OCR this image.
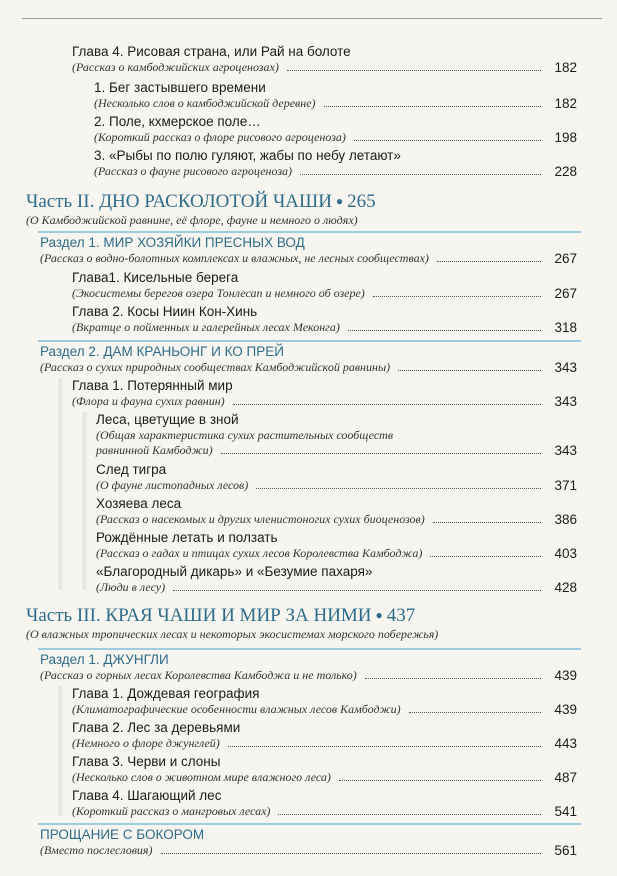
Глава 4. Рисовая страна, или Рай на болоте
(Рассказ о камбоджийских агроценозах)	182
1. Бег застывшего времени
(Несколько слов о камбоджийской деревне)	182
2. Поле, кхмерское поле…
(Короткий рассказ о флоре рисового агроценоза)	198
3. «Рыбы по полю гуляют, жабы по небу летают»
(Рассказ о фауне рисового агроценоза)	228
Часть II. ДНО РАСКОЛОТОЙ ЧАШИ ● 265
(О Камбоджийской равнине, её флоре, фауне и немного о людях)
Раздел 1. МИР ХОЗЯЙКИ ПРЕСНЫХ ВОД
(Рассказ о водно-болотных комплексах и влажных, не лесных сообществах)	267
Глава1. Кисельные берега
(Экосистемы берегов озера Тонлесап и немного об озере)	267
Глава 2. Косы Ниин Кон-Хинь
(Вкратце о пойменных и галерейных лесах Меконга)	318
Раздел 2. ДАМ КРАНЬОНГ И КО ПРЕЙ
(Рассказ о сухих природных сообществах Камбоджийской равнины)	343
Глава 1. Потерянный мир
(Флора и фауна сухих равнин)	343
Леса, цветущие в зной
(Общая характеристика сухих растительных сообществ
равнинной Камбоджи)	343
След тигра
(О фауне листопадных лесов)	371
Хозяева леса
(Рассказ о насекомых и других членистоногих сухих биоценозов)	386
Рождённые летать и ползать
(Рассказ о гадах и птицах сухих лесов Королевства Камбоджа)	403
«Благородный дикарь» и «Безумие пахаря»
(Люди в лесу)	428
Часть III. КРАЯ ЧАШИ И МИР ЗА НИМИ ● 437
(О влажных тропических лесах и некоторых экосистемах морского побережья)
Раздел 1. ДЖУНГЛИ
(Рассказ о горных лесах Королевства Камбоджа и не только)	439
Глава 1. Дождевая география
(Климатографические особенности влажных лесов Камбоджи)	439
Глава 2. Лес за деревьями
(Немного о флоре джунглей)	443
Глава 3. Черви и слоны
(Несколько слов о животном мире влажного леса)	487
Глава 4. Шагающий лес
(Короткий рассказ о мангровых лесах)	541
ПРОЩАНИЕ С БОКОРОМ
(Вместо послесловия)	561
